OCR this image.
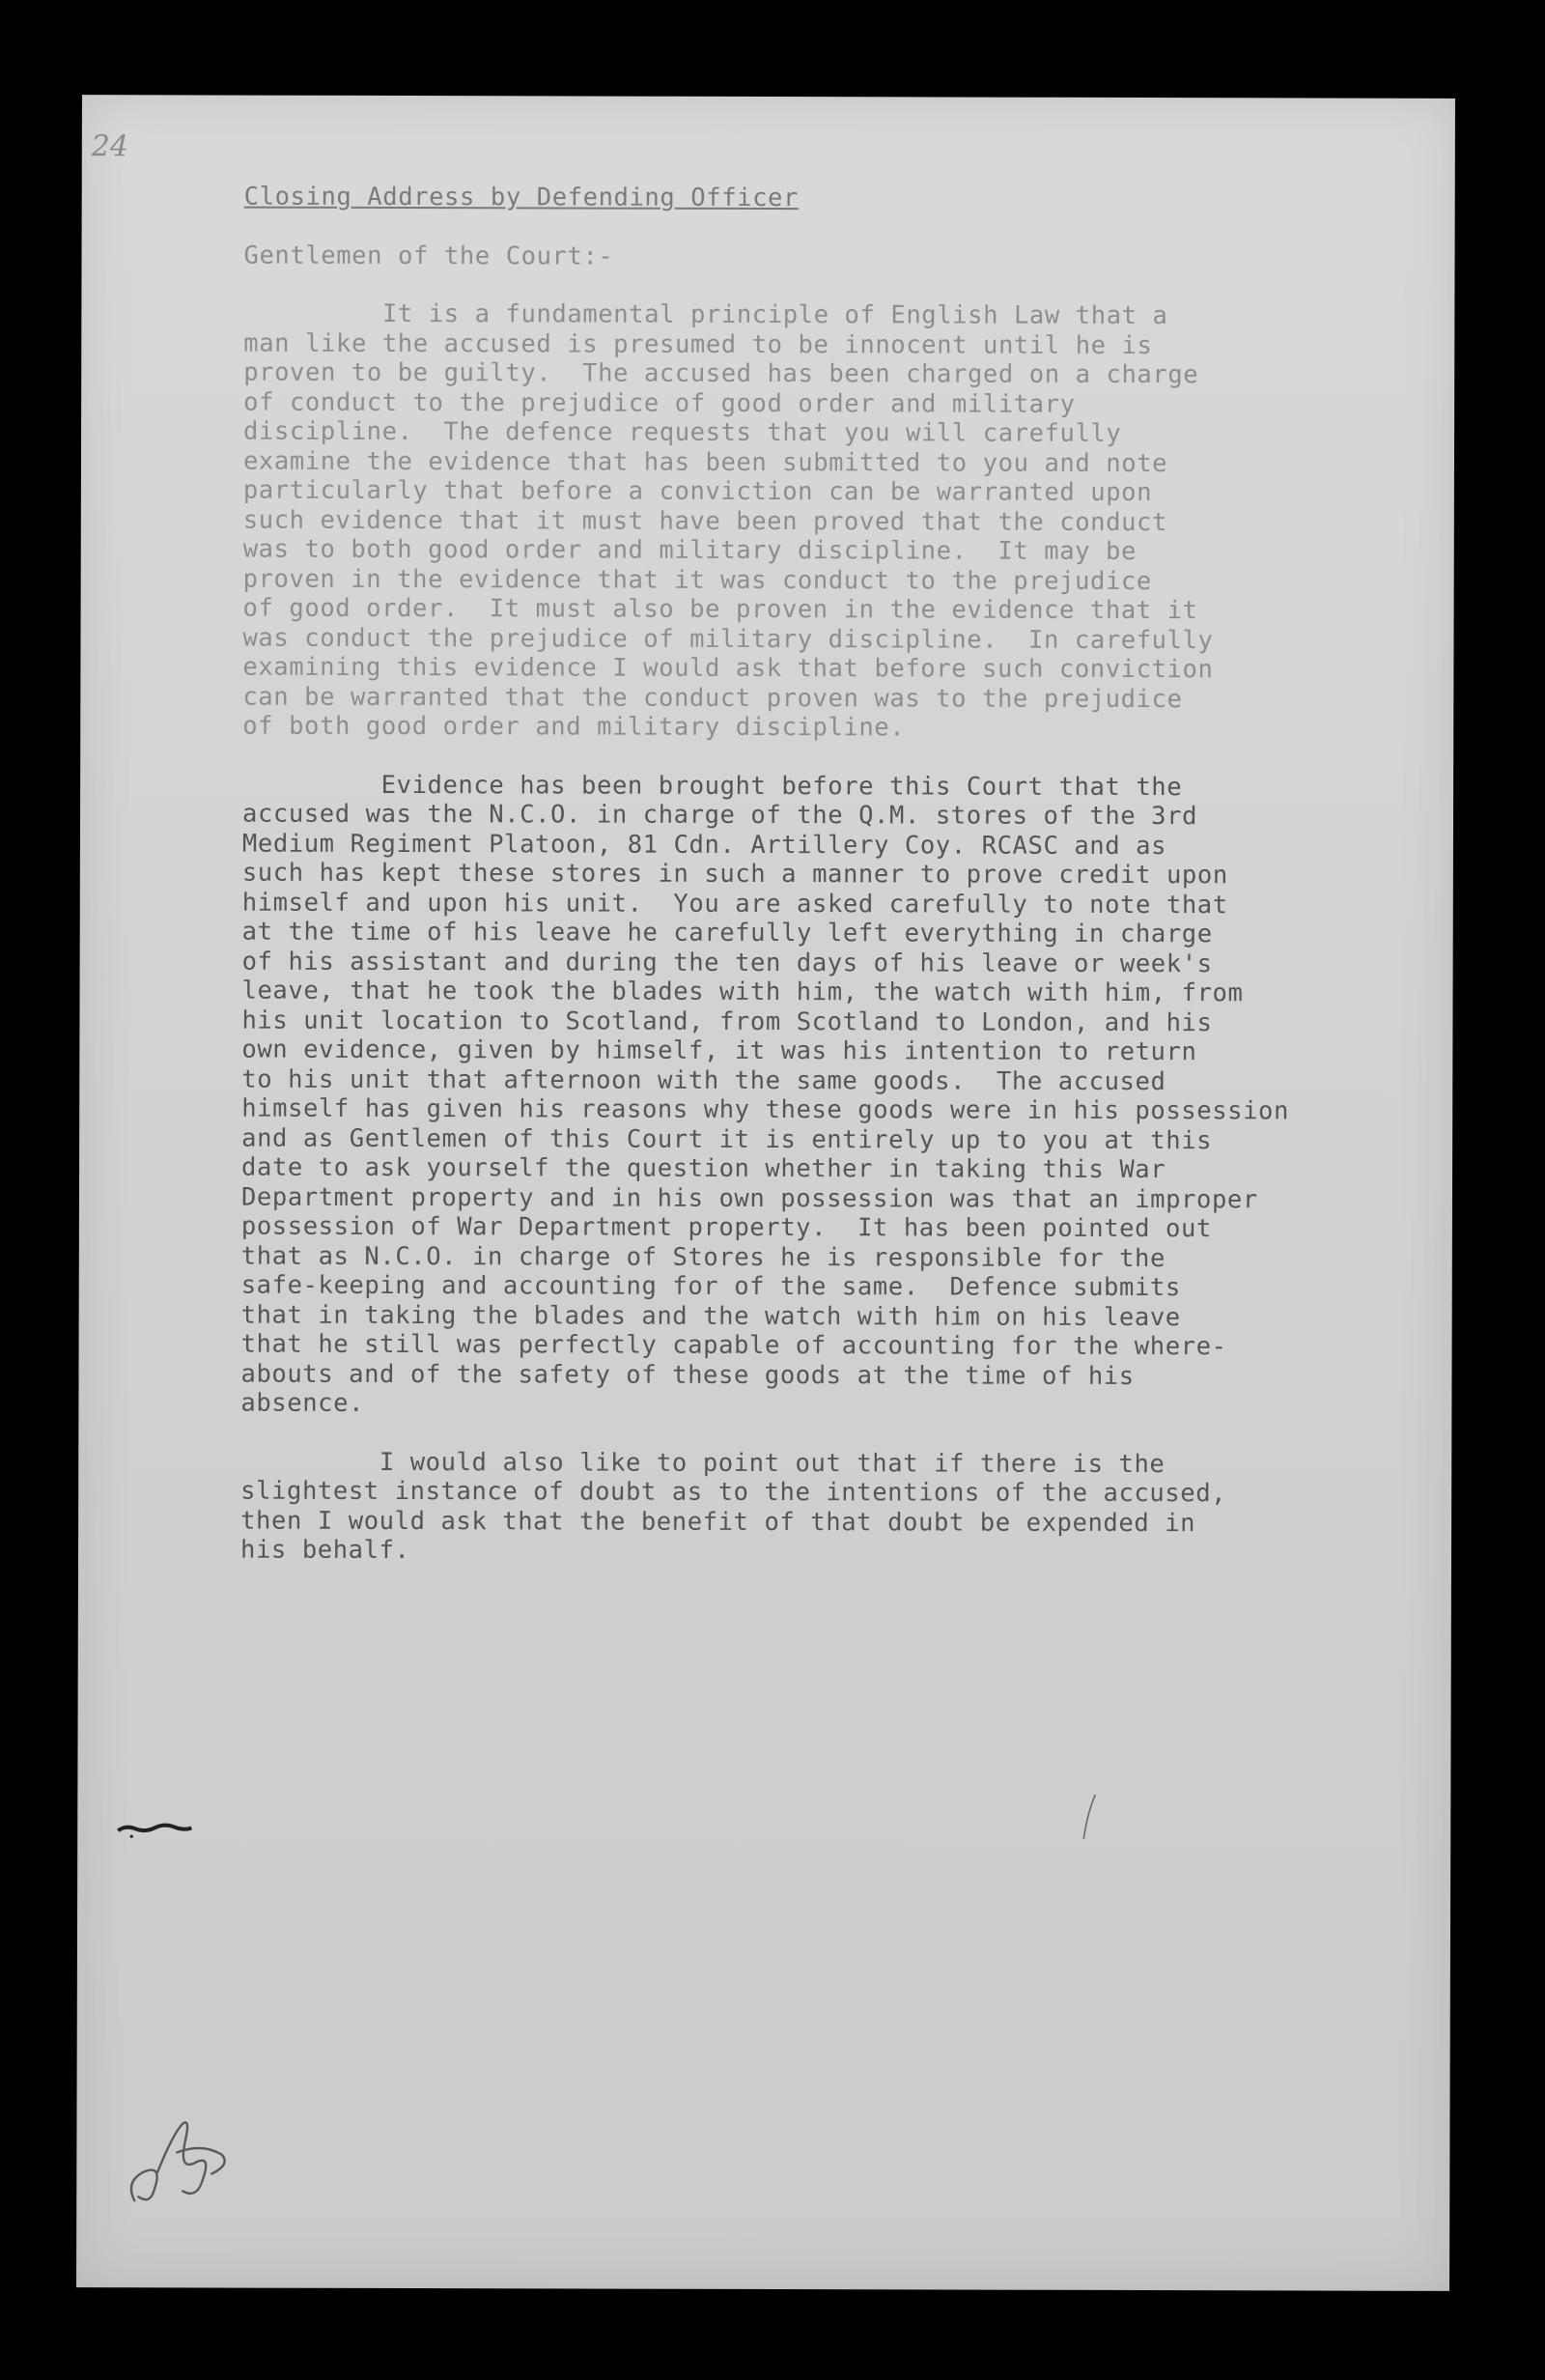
24
Closing Address by Defending Officer
Gentlemen of the Court:-
It is a fundamental principle of English Law that a
man like the accused is presumed to be innocent until he is
proven to be guilty.  The accused has been charged on a charge
of conduct to the prejudice of good order and military
discipline.  The defence requests that you will carefully
examine the evidence that has been submitted to you and note
particularly that before a conviction can be warranted upon
such evidence that it must have been proved that the conduct
was to both good order and military discipline.  It may be
proven in the evidence that it was conduct to the prejudice
of good order.  It must also be proven in the evidence that it
was conduct the prejudice of military discipline.  In carefully
examining this evidence I would ask that before such conviction
can be warranted that the conduct proven was to the prejudice
of both good order and military discipline.
Evidence has been brought before this Court that the
accused was the N.C.O. in charge of the Q.M. stores of the 3rd
Medium Regiment Platoon, 81 Cdn. Artillery Coy. RCASC and as
such has kept these stores in such a manner to prove credit upon
himself and upon his unit.  You are asked carefully to note that
at the time of his leave he carefully left everything in charge
of his assistant and during the ten days of his leave or week's
leave, that he took the blades with him, the watch with him, from
his unit location to Scotland, from Scotland to London, and his
own evidence, given by himself, it was his intention to return
to his unit that afternoon with the same goods.  The accused
himself has given his reasons why these goods were in his possession
and as Gentlemen of this Court it is entirely up to you at this
date to ask yourself the question whether in taking this War
Department property and in his own possession was that an improper
possession of War Department property.  It has been pointed out
that as N.C.O. in charge of Stores he is responsible for the
safe-keeping and accounting for of the same.  Defence submits
that in taking the blades and the watch with him on his leave
that he still was perfectly capable of accounting for the where-
abouts and of the safety of these goods at the time of his
absence.
I would also like to point out that if there is the
slightest instance of doubt as to the intentions of the accused,
then I would ask that the benefit of that doubt be expended in
his behalf.
